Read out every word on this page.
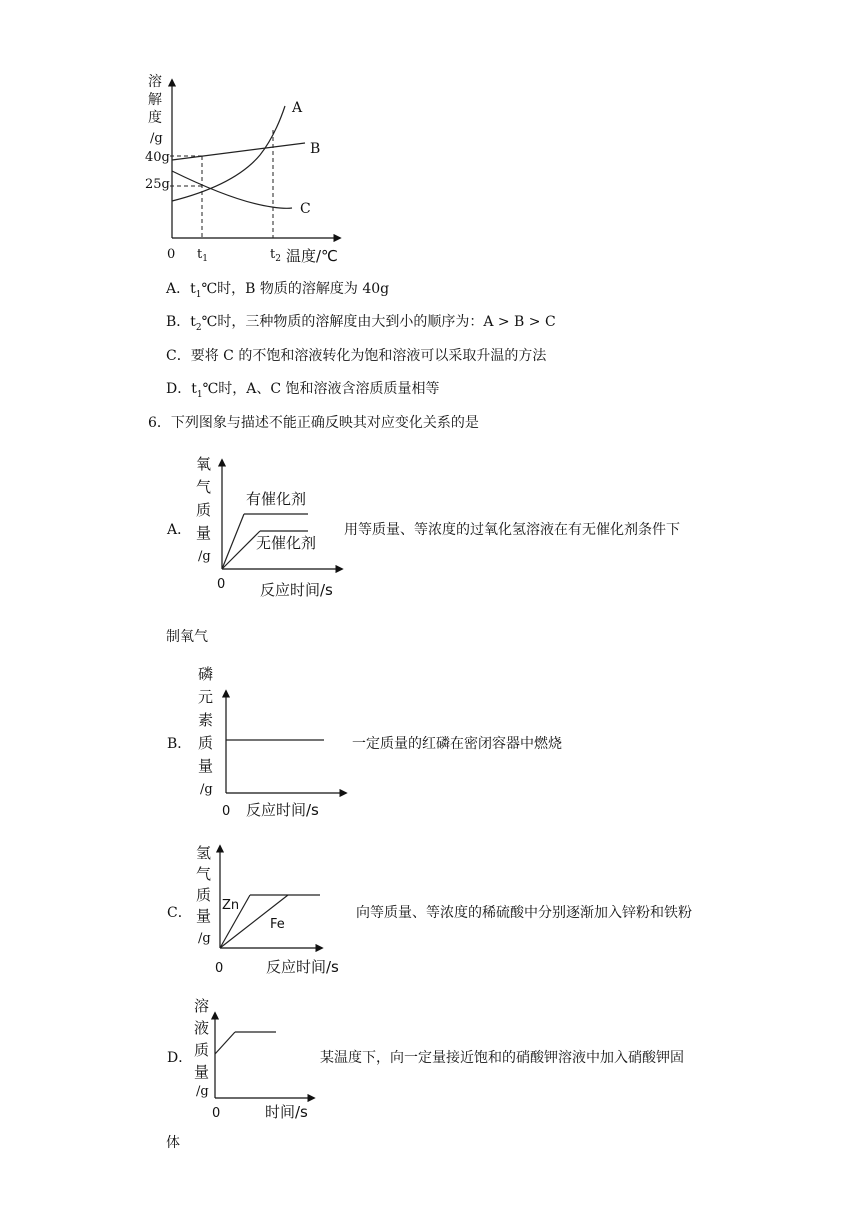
溶
解
度
/g
40g
25g
0 $t_1$	$t_2$ 温度/℃
A
B
C
A．$t_1℃$时，B 物质的溶解度为 40g
B．$t_2℃$时，三种物质的溶解度由大到小的顺序为：A > B > C
C．要将 C 的不饱和溶液转化为饱和溶液可以采取升温的方法
D．$t_1℃$时，A、C 饱和溶液含溶质质量相等
6．下列图象与描述不能正确反映其对应变化关系的是
A．
氧
气
质
量
/g
0 反应时间/s
有催化剂
无催化剂
用等质量、等浓度的过氧化氢溶液在有无催化剂条件下
制氧气
B．
磷
元
素
质
量
/g
0 反应时间/s
一定质量的红磷在密闭容器中燃烧
C．
氢
气
质
量
/g
0	反应时间/s
Zn
Fe
向等质量、等浓度的稀硫酸中分别逐渐加入锌粉和铁粉
D．
溶
液
质
量
/g
0	时间/s
某温度下，向一定量接近饱和的硝酸钾溶液中加入硝酸钾固
体
